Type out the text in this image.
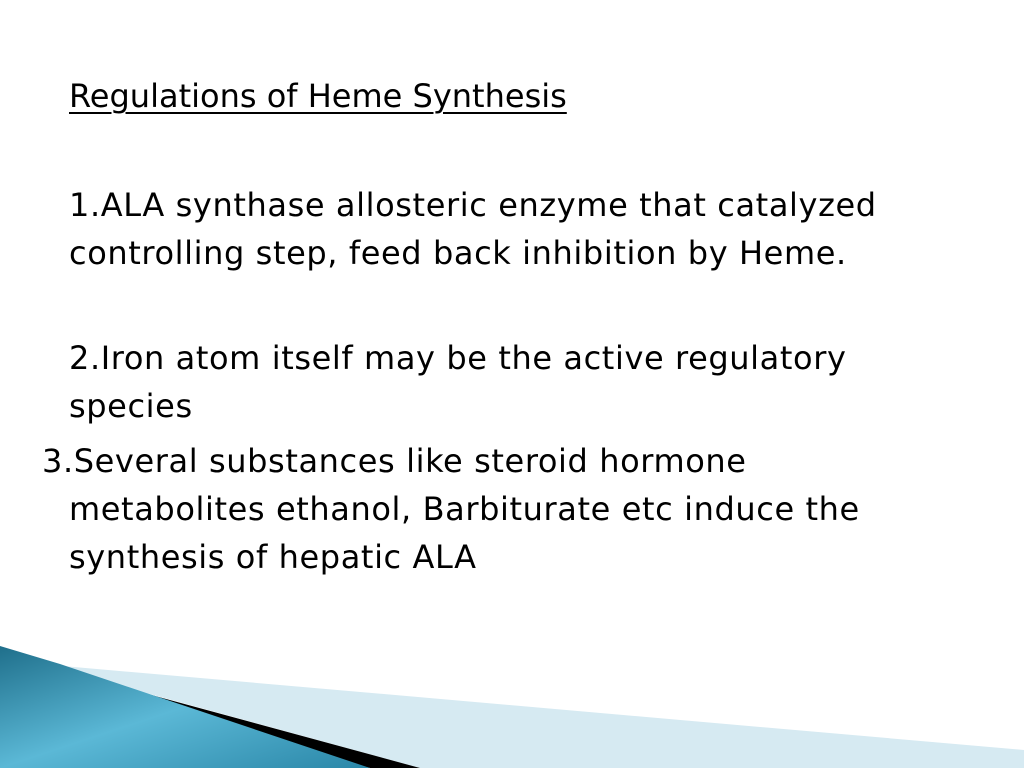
Regulations of Heme Synthesis
1.ALA synthase allosteric enzyme that catalyzed
controlling step, feed back inhibition by Heme.
2.Iron atom itself may be the active regulatory
species
3.Several substances like steroid hormone
metabolites ethanol, Barbiturate etc induce the
synthesis of hepatic ALA
